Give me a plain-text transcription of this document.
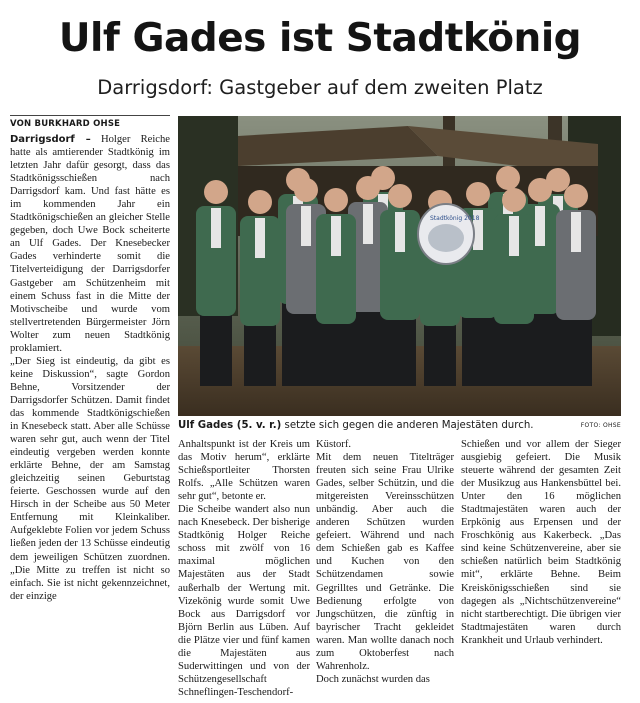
Ulf Gades ist Stadtkönig
Darrigsdorf: Gastgeber auf dem zweiten Platz
VON BURKHARD OHSE

Darrigsdorf – Holger Reiche hatte als amtierender Stadtkönig im letzten Jahr dafür gesorgt, dass das Stadtkönigsschießen nach Darrigsdorf kam. Und fast hätte es im kommenden Jahr ein Stadtkönigschießen an gleicher Stelle gegeben, doch Uwe Bock scheiterte an Ulf Gades. Der Knesebecker Gades verhinderte somit die Titelverteidigung der Darrigsdorfer Gastgeber am Schützenheim mit einem Schuss fast in die Mitte der Motivscheibe und wurde vom stellvertretenden Bürgermeister Jörn Wolter zum neuen Stadtkönig proklamiert.

„Der Sieg ist eindeutig, da gibt es keine Diskussion“, sagte Gordon Behne, Vorsitzender der Darrigsdorfer Schützen. Damit findet das kommende Stadtkönigschießen in Knesebeck statt. Aber alle Schüsse waren sehr gut, auch wenn der Titel eindeutig vergeben werden konnte erklärte Behne, der am Samstag gleichzeitig seinen Geburtstag feierte. Geschossen wurde auf den Hirsch in der Scheibe aus 50 Meter Entfernung mit Kleinkaliber. Aufgeklebte Folien vor jedem Schuss ließen jeden der 13 Schüsse eindeutig dem jeweiligen Schützen zuordnen. „Die Mitte zu treffen ist nicht so einfach. Sie ist nicht gekennzeichnet, der einzige

Stadtkönig 2018
Ulf Gades (5. v. r.) setzte sich gegen die anderen Majestäten durch.	FOTO: OHSE

Anhaltspunkt ist der Kreis um das Motiv herum“, erklärte Schießsportleiter Thorsten Rolfs. „Alle Schützen waren sehr gut“, betonte er.

Die Scheibe wandert also nun nach Knesebeck. Der bisherige Stadtkönig Holger Reiche schoss mit zwölf von 16 maximal möglichen Majestäten aus der Stadt außerhalb der Wertung mit. Vizekönig wurde somit Uwe Bock aus Darrigsdorf vor Björn Berlin aus Lüben. Auf die Plätze vier und fünf kamen die Majestäten aus Suderwittingen und von der Schützengesellschaft Schneflingen-Teschendorf-

Küstorf.

Mit dem neuen Titelträger freuten sich seine Frau Ulrike Gades, selber Schützin, und die mitgereisten Vereinsschützen unbändig. Aber auch die anderen Schützen wurden gefeiert. Während und nach dem Schießen gab es Kaffee und Kuchen von den Schützendamen sowie Gegrilltes und Getränke. Die Bedienung erfolgte von Jungschützen, die zünftig in bayrischer Tracht gekleidet waren. Man wollte danach noch zum Oktoberfest nach Wahrenholz.

Doch zunächst wurden das

Schießen und vor allem der Sieger ausgiebig gefeiert. Die Musik steuerte während der gesamten Zeit der Musikzug aus Hankensbüttel bei. Unter den 16 möglichen Stadtmajestäten waren auch der Erpkönig aus Erpensen und der Froschkönig aus Kakerbeck. „Das sind keine Schützenvereine, aber sie schießen natürlich beim Stadtkönig mit“, erklärte Behne. Beim Kreiskönigsschießen sind sie dagegen als „Nichtschützenvereine“ nicht startberechtigt. Die übrigen vier Stadtmajestäten waren durch Krankheit und Urlaub verhindert.
